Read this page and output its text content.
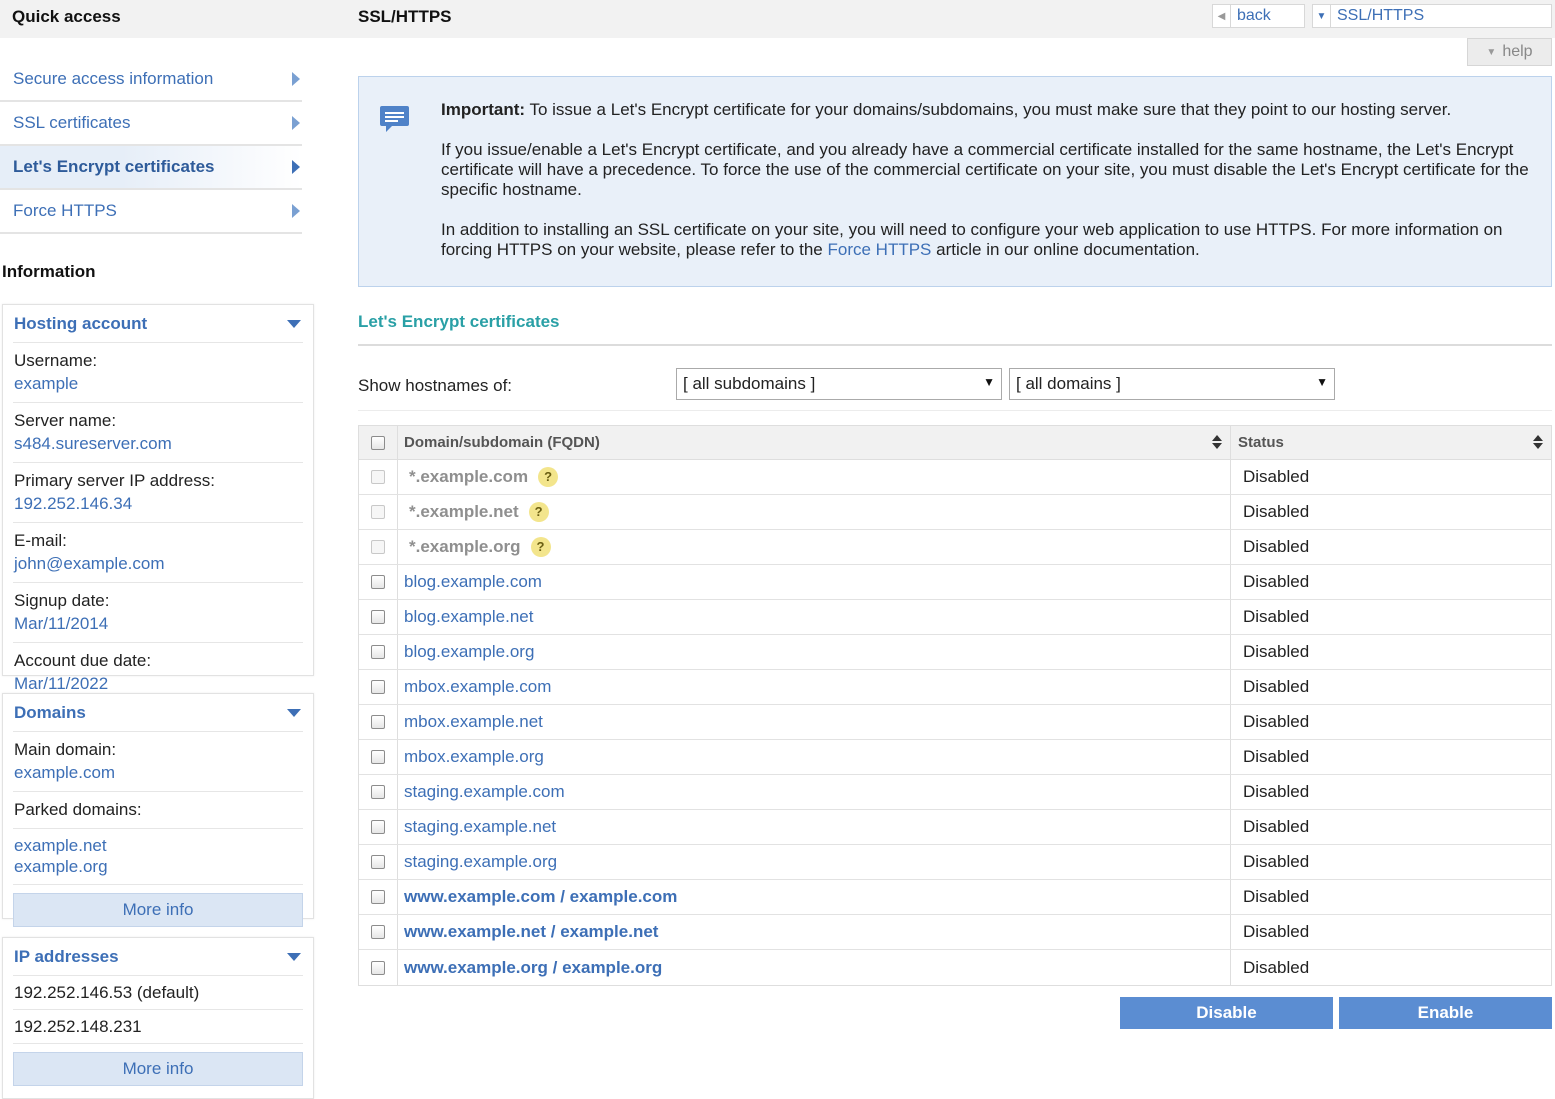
Quick access	SSL/HTTPS	◀ back	▼ SSL/HTTPS
▼ help
Secure access information
SSL certificates
Let's Encrypt certificates
Force HTTPS
Information
Hosting account
Username:
example
Server name:
s484.sureserver.com
Primary server IP address:
192.252.146.34
E-mail:
john@example.com
Signup date:
Mar/11/2014
Account due date:
Mar/11/2022
Domains
Main domain:
example.com
Parked domains:
example.net
example.org
More info
IP addresses
192.252.146.53 (default)
192.252.148.231
More info

Important: To issue a Let's Encrypt certificate for your domains/subdomains, you must make sure that they point to our hosting server.

If you issue/enable a Let's Encrypt certificate, and you already have a commercial certificate installed for the same hostname, the Let's Encrypt certificate will have a precedence. To force the use of the commercial certificate on your site, you must disable the Let's Encrypt certificate for the specific hostname.

In addition to installing an SSL certificate on your site, you will need to configure your web application to use HTTPS. For more information on forcing HTTPS on your website, please refer to the Force HTTPS article in our online documentation.

Let's Encrypt certificates
Show hostnames of:	[ all subdomains ]	▼ [ all domains ]	▼
Domain/subdomain (FQDN)	Status
*.example.com	?	Disabled
*.example.net	?	Disabled
*.example.org	?	Disabled
blog.example.com	Disabled
blog.example.net	Disabled
blog.example.org	Disabled
mbox.example.com	Disabled
mbox.example.net	Disabled
mbox.example.org	Disabled
staging.example.com	Disabled
staging.example.net	Disabled
staging.example.org	Disabled
www.example.com / example.com	Disabled
www.example.net / example.net	Disabled
www.example.org / example.org	Disabled
Disable	Enable
